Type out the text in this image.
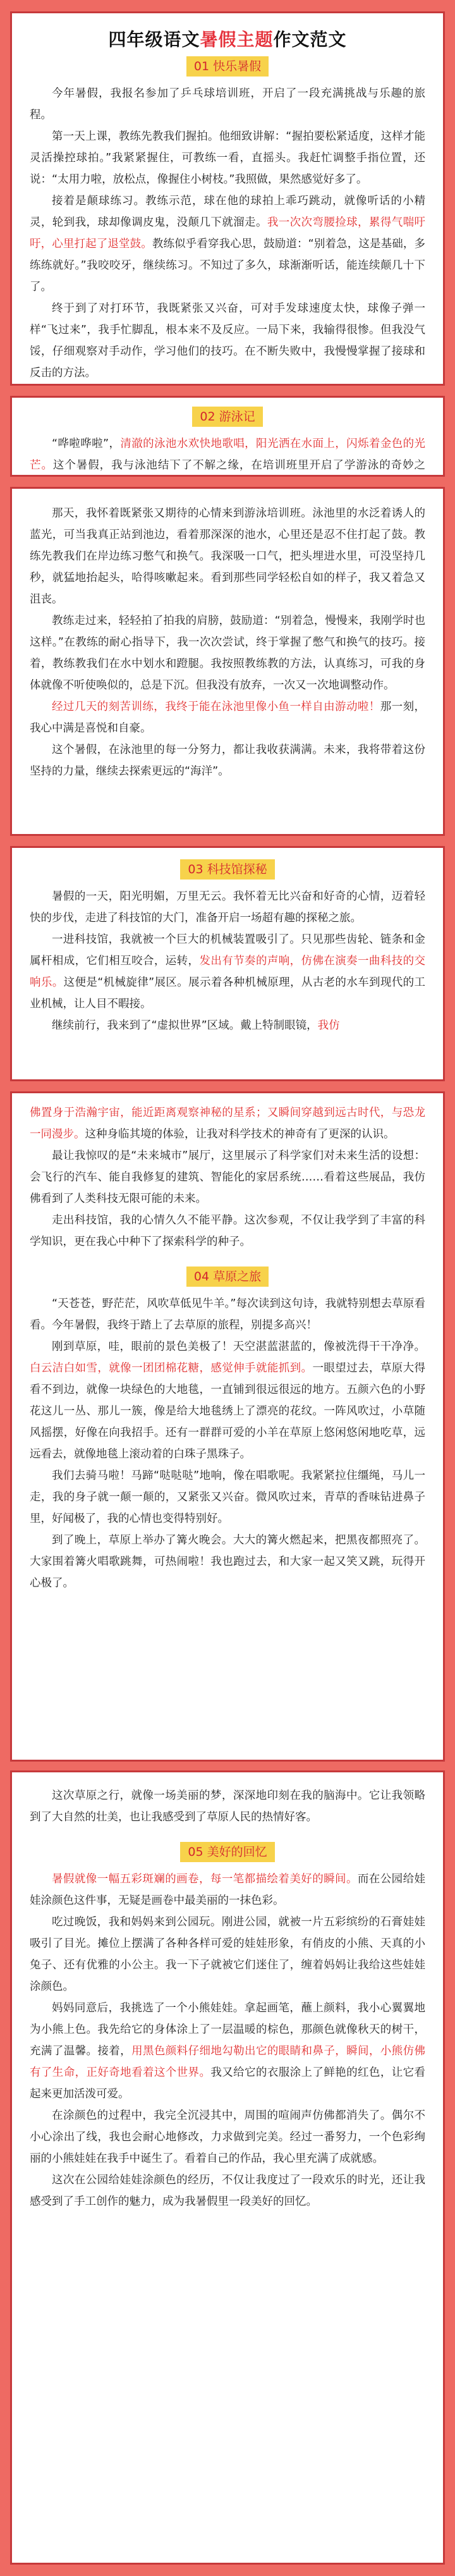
四年级语文暑假主题作文范文
01 快乐暑假

今年暑假，我报名参加了乒乓球培训班，开启了一段充满挑战与乐趣的旅程。

第一天上课，教练先教我们握拍。他细致讲解：“握拍要松紧适度，这样才能灵活操控球拍。”我紧紧握住，可教练一看，直摇头。我赶忙调整手指位置，还说：“太用力啦，放松点，像握住小树枝。”我照做，果然感觉好多了。

接着是颠球练习。教练示范，球在他的球拍上乖巧跳动，就像听话的小精灵，轮到我，球却像调皮鬼，没颠几下就溜走。我一次次弯腰捡球，累得气喘吁吁，心里打起了退堂鼓。教练似乎看穿我心思，鼓励道：“别着急，这是基础，多练练就好。”我咬咬牙，继续练习。不知过了多久，球渐渐听话，能连续颠几十下了。

终于到了对打环节，我既紧张又兴奋，可对手发球速度太快，球像子弹一样“飞过来”，我手忙脚乱，根本来不及反应。一局下来，我输得很惨。但我没气馁，仔细观察对手动作，学习他们的技巧。在不断失败中，我慢慢掌握了接球和反击的方法。

02 游泳记

“哗啦哗啦”，清澈的泳池水欢快地歌唱，阳光洒在水面上，闪烁着金色的光芒。这个暑假，我与泳池结下了不解之缘，在培训班里开启了学游泳的奇妙之

那天，我怀着既紧张又期待的心情来到游泳培训班。泳池里的水泛着诱人的蓝光，可当我真正站到池边，看着那深深的池水，心里还是忍不住打起了鼓。教练先教我们在岸边练习憋气和换气。我深吸一口气，把头埋进水里，可没坚持几秒，就猛地抬起头，哈得咳嗽起来。看到那些同学轻松自如的样子，我又着急又沮丧。

教练走过来，轻轻拍了拍我的肩膀，鼓励道：“别着急，慢慢来，我刚学时也这样。”在教练的耐心指导下，我一次次尝试，终于掌握了憋气和换气的技巧。接着，教练教我们在水中划水和蹬腿。我按照教练教的方法，认真练习，可我的身体就像不听使唤似的，总是下沉。但我没有放弃，一次又一次地调整动作。

经过几天的刻苦训练，我终于能在泳池里像小鱼一样自由游动啦！那一刻，我心中满是喜悦和自豪。

这个暑假，在泳池里的每一分努力，都让我收获满满。未来，我将带着这份坚持的力量，继续去探索更远的“海洋”。

03 科技馆探秘

暑假的一天，阳光明媚，万里无云。我怀着无比兴奋和好奇的心情，迈着轻快的步伐，走进了科技馆的大门，准备开启一场超有趣的探秘之旅。

一进科技馆，我就被一个巨大的机械装置吸引了。只见那些齿轮、链条和金属杆相成，它们相互咬合，运转，发出有节奏的声响，仿佛在演奏一曲科技的交响乐。这便是“机械旋律”展区。展示着各种机械原理，从古老的水车到现代的工业机械，让人目不暇接。

继续前行，我来到了“虚拟世界”区域。戴上特制眼镜，我仿

佛置身于浩瀚宇宙，能近距离观察神秘的星系；又瞬间穿越到远古时代，与恐龙一同漫步。这种身临其境的体验，让我对科学技术的神奇有了更深的认识。

最让我惊叹的是“未来城市”展厅，这里展示了科学家们对未来生活的设想：会飞行的汽车、能自我修复的建筑、智能化的家居系统……看着这些展品，我仿佛看到了人类科技无限可能的未来。

走出科技馆，我的心情久久不能平静。这次参观，不仅让我学到了丰富的科学知识，更在我心中种下了探索科学的种子。

04 草原之旅

“天苍苍，野茫茫，风吹草低见牛羊。”每次读到这句诗，我就特别想去草原看看。今年暑假，我终于踏上了去草原的旅程，别提多高兴！

刚到草原，哇，眼前的景色美极了！天空湛蓝湛蓝的，像被洗得干干净净。白云洁白如雪，就像一团团棉花糖，感觉伸手就能抓到。一眼望过去，草原大得看不到边，就像一块绿色的大地毯，一直铺到很远很远的地方。五颜六色的小野花这儿一丛、那儿一簇，像是给大地毯绣上了漂亮的花纹。一阵风吹过，小草随风摇摆，好像在向我招手。还有一群群可爱的小羊在草原上悠闲悠闲地吃草，远远看去，就像地毯上滚动着的白珠子黑珠子。

我们去骑马啦！马蹄“哒哒哒”地响，像在唱歌呢。我紧紧拉住缰绳，马儿一走，我的身子就一颠一颠的，又紧张又兴奋。微风吹过来，青草的香味钻进鼻子里，好闻极了，我的心情也变得特别好。

到了晚上，草原上举办了篝火晚会。大大的篝火燃起来，把黑夜都照亮了。大家围着篝火唱歌跳舞，可热闹啦！我也跑过去，和大家一起又笑又跳，玩得开心极了。

这次草原之行，就像一场美丽的梦，深深地印刻在我的脑海中。它让我领略到了大自然的壮美，也让我感受到了草原人民的热情好客。

05 美好的回忆

暑假就像一幅五彩斑斓的画卷，每一笔都描绘着美好的瞬间。而在公园给娃娃涂颜色这件事，无疑是画卷中最美丽的一抹色彩。

吃过晚饭，我和妈妈来到公园玩。刚进公园，就被一片五彩缤纷的石膏娃娃吸引了目光。摊位上摆满了各种各样可爱的娃娃形象，有俏皮的小熊、天真的小兔子、还有优雅的小公主。我一下子就被它们迷住了，缠着妈妈让我给这些娃娃涂颜色。

妈妈同意后，我挑选了一个小熊娃娃。拿起画笔，蘸上颜料，我小心翼翼地为小熊上色。我先给它的身体涂上了一层温暖的棕色，那颜色就像秋天的树干，充满了温馨。接着，用黑色颜料仔细地勾勒出它的眼睛和鼻子，瞬间，小熊仿佛有了生命，正好奇地看着这个世界。我又给它的衣服涂上了鲜艳的红色，让它看起来更加活泼可爱。

在涂颜色的过程中，我完全沉浸其中，周围的喧闹声仿佛都消失了。偶尔不小心涂出了线，我也会耐心地修改，力求做到完美。经过一番努力，一个色彩绚丽的小熊娃娃在我手中诞生了。看着自己的作品，我心里充满了成就感。

这次在公园给娃娃涂颜色的经历，不仅让我度过了一段欢乐的时光，还让我感受到了手工创作的魅力，成为我暑假里一段美好的回忆。
